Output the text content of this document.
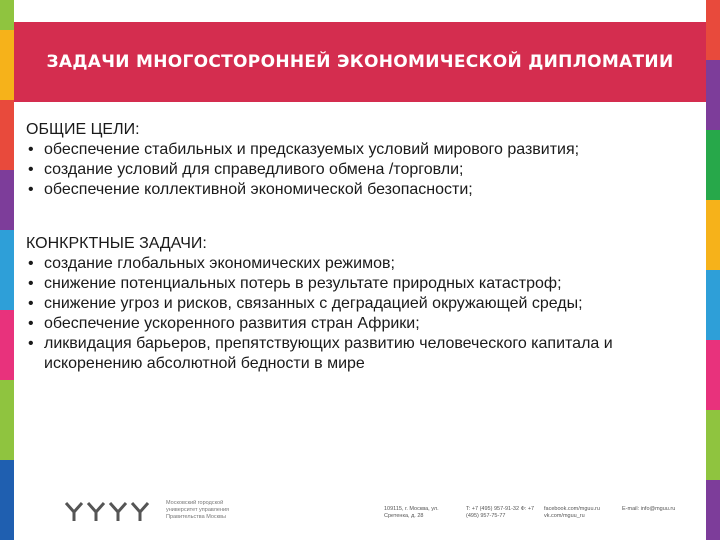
ЗАДАЧИ МНОГОСТОРОННЕЙ ЭКОНОМИЧЕСКОЙ ДИПЛОМАТИИ

ОБЩИЕ ЦЕЛИ:

• обеспечение стабильных и предсказуемых условий мирового развития;
• создание условий для справедливого обмена /торговли;
• обеспечение коллективной экономической безопасности;

КОНКРКТНЫЕ ЗАДАЧИ:

• создание глобальных экономических режимов;
• снижение потенциальных потерь в результате природных катастроф;
• снижение угроз и рисков, связанных с деградацией окружающей среды;
• обеспечение ускоренного развития стран Африки;
• ликвидация барьеров, препятствующих развитию человеческого капитала и искоренению абсолютной бедности в мире
Московский городской университет управления Правительства Москвы
109115, г. Москва, ул. Сретенка, д. 28
T: +7 (495) 957-91-32 Ф: +7 (495) 957-75-77
facebook.com/mguu.ru vk.com/mguu_ru
E-mail: info@mguu.ru
